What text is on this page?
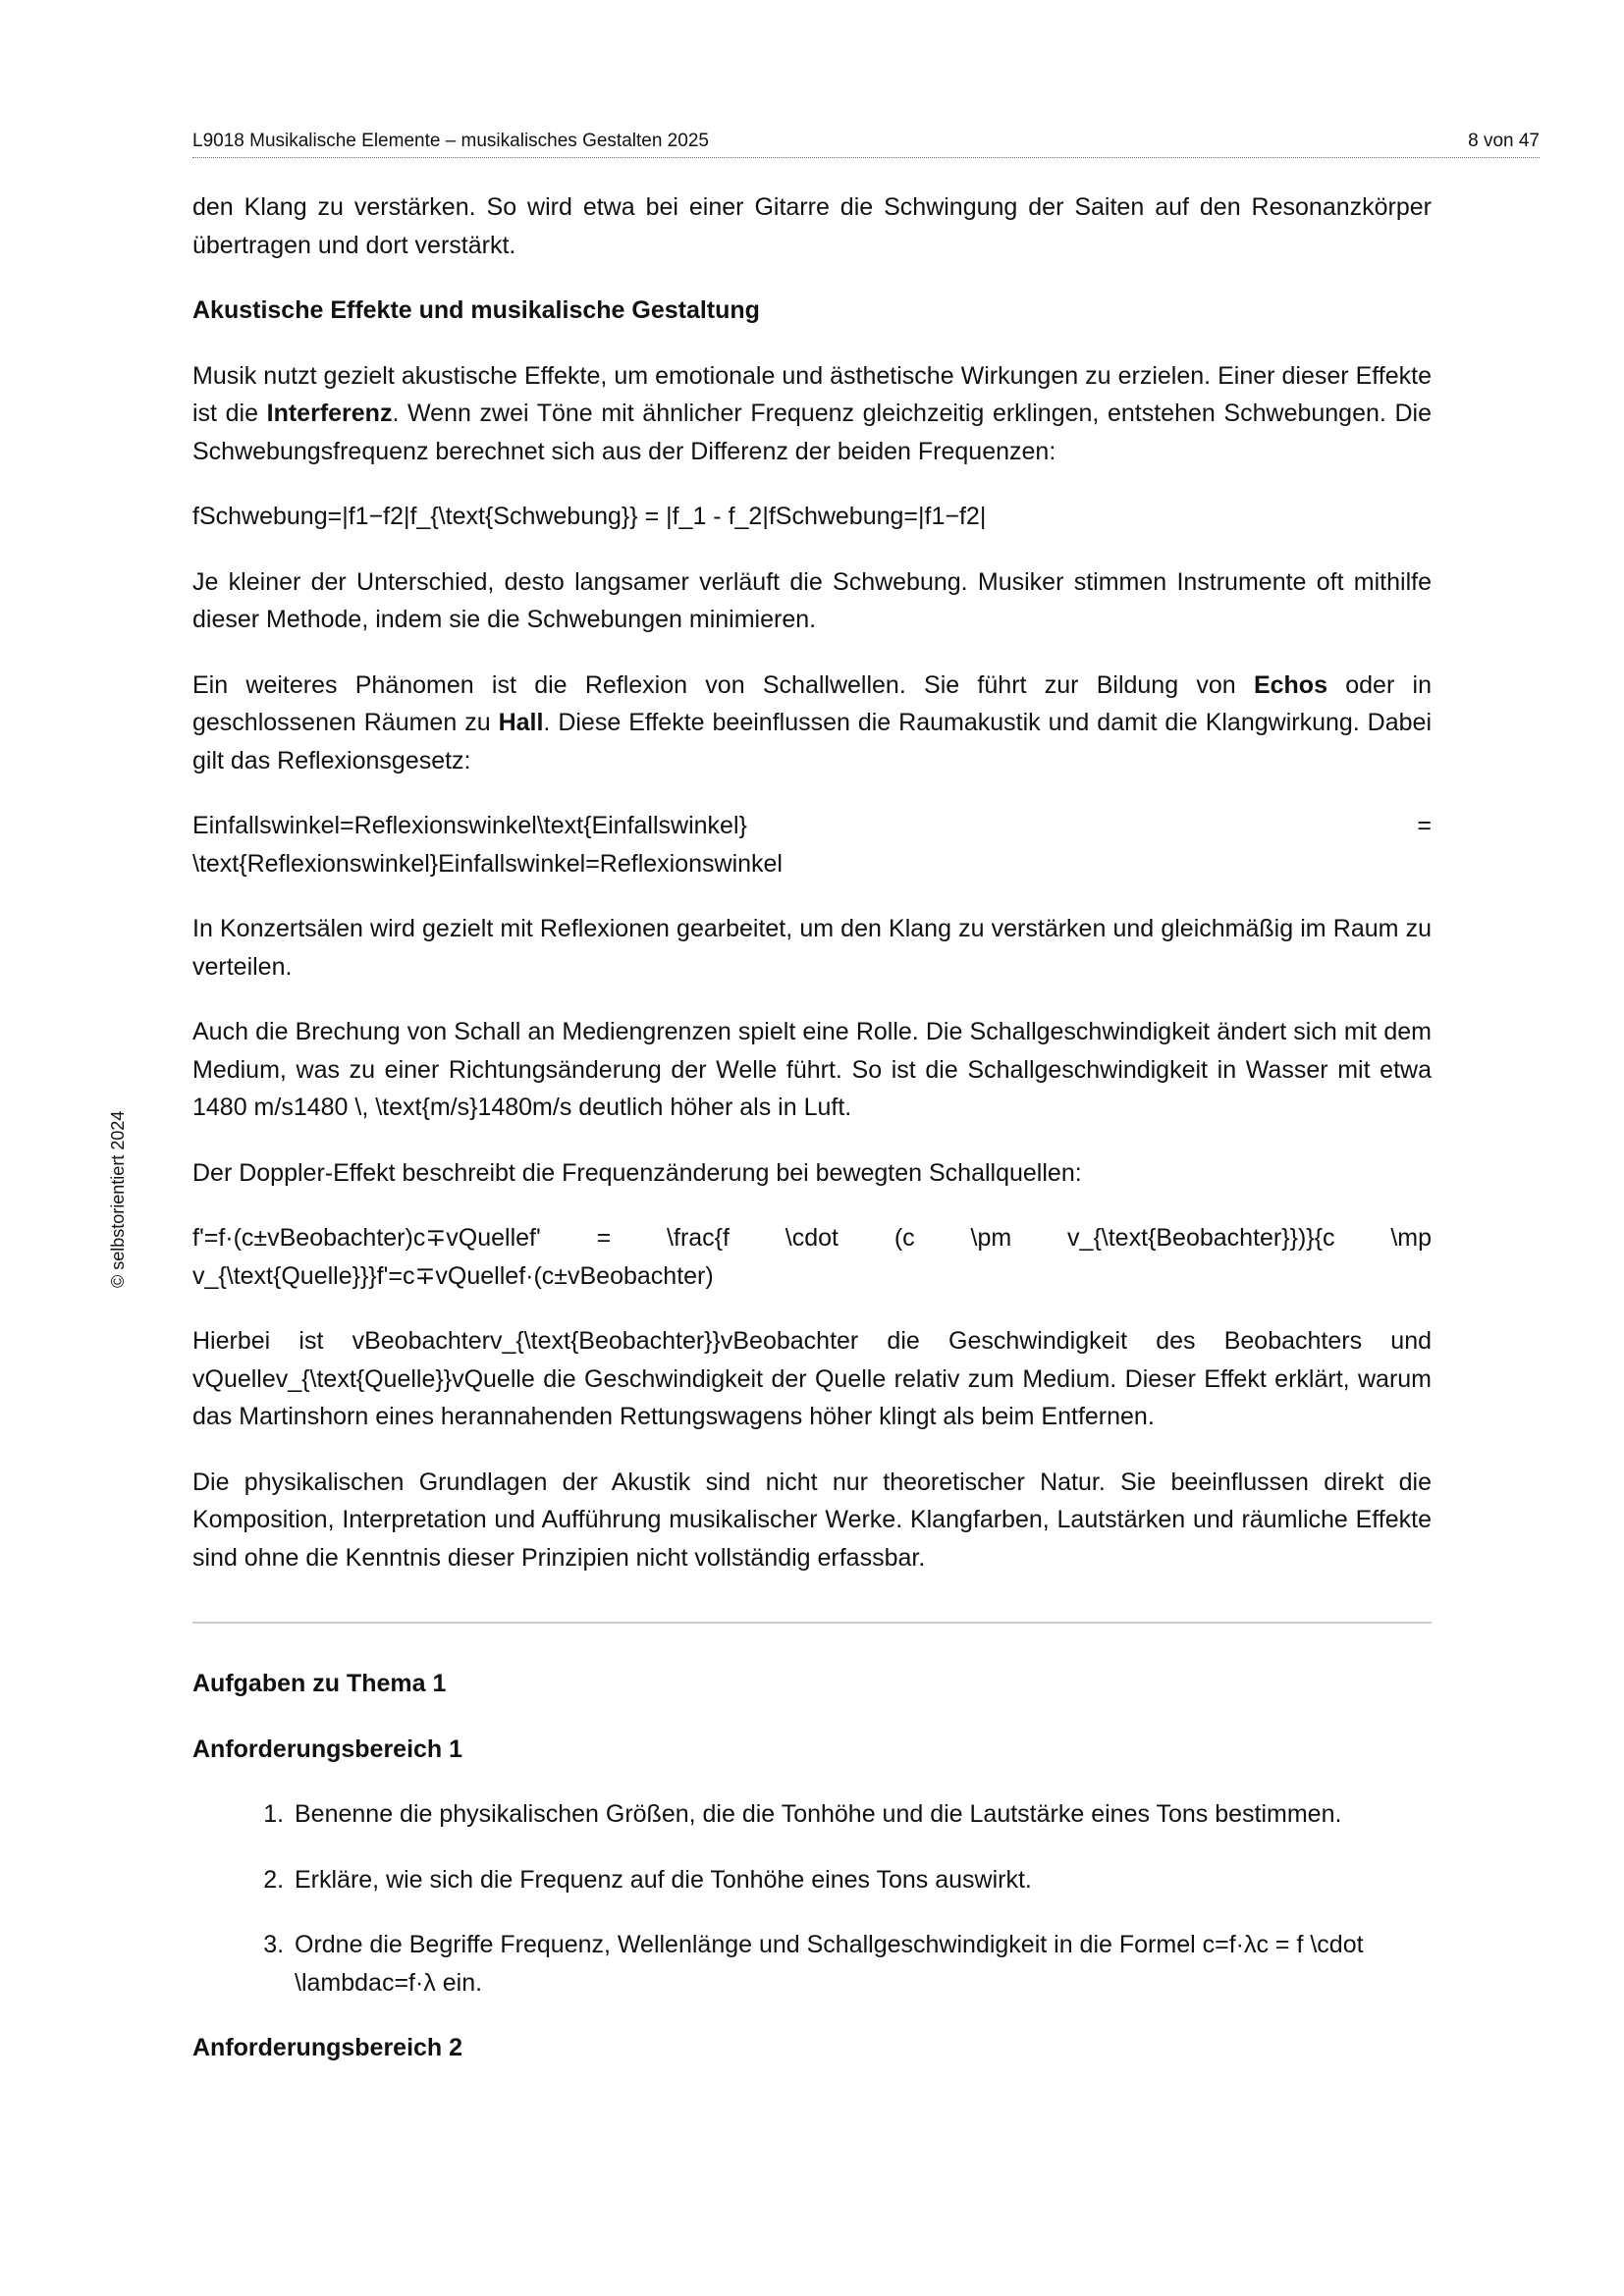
L9018 Musikalische Elemente – musikalisches Gestalten 2025	8 von 47
© selbstorientiert 2024

den Klang zu verstärken. So wird etwa bei einer Gitarre die Schwingung der Saiten auf den Resonanzkörper übertragen und dort verstärkt.

Akustische Effekte und musikalische Gestaltung

Musik nutzt gezielt akustische Effekte, um emotionale und ästhetische Wirkungen zu erzielen. Einer dieser Effekte ist die Interferenz. Wenn zwei Töne mit ähnlicher Frequenz gleichzeitig erklingen, entstehen Schwebungen. Die Schwebungsfrequenz berechnet sich aus der Differenz der beiden Frequenzen:

fSchwebung=|f1−f2|f_{\text{Schwebung}} = |f_1 - f_2|fSchwebung=|f1−f2|

Je kleiner der Unterschied, desto langsamer verläuft die Schwebung. Musiker stimmen Instrumente oft mithilfe dieser Methode, indem sie die Schwebungen minimieren.

Ein weiteres Phänomen ist die Reflexion von Schallwellen. Sie führt zur Bildung von Echos oder in geschlossenen Räumen zu Hall. Diese Effekte beeinflussen die Raumakustik und damit die Klangwirkung. Dabei gilt das Reflexionsgesetz:

Einfallswinkel=Reflexionswinkel\text{Einfallswinkel}	=
\text{Reflexionswinkel}Einfallswinkel=Reflexionswinkel

In Konzertsälen wird gezielt mit Reflexionen gearbeitet, um den Klang zu verstärken und gleichmäßig im Raum zu verteilen.

Auch die Brechung von Schall an Mediengrenzen spielt eine Rolle. Die Schallgeschwindigkeit ändert sich mit dem Medium, was zu einer Richtungsänderung der Welle führt. So ist die Schallgeschwindigkeit in Wasser mit etwa 1480 m/s1480 \, \text{m/s}1480m/s deutlich höher als in Luft.

Der Doppler-Effekt beschreibt die Frequenzänderung bei bewegten Schallquellen:

f'=f·(c±vBeobachter)c∓vQuellef' = \frac{f \cdot (c \pm v_{\text{Beobachter}})}{c \mp v_{\text{Quelle}}}f'=c∓vQuellef·(c±vBeobachter)

Hierbei ist vBeobachterv_{\text{Beobachter}}vBeobachter die Geschwindigkeit des Beobachters und vQuellev_{\text{Quelle}}vQuelle die Geschwindigkeit der Quelle relativ zum Medium. Dieser Effekt erklärt, warum das Martinshorn eines herannahenden Rettungswagens höher klingt als beim Entfernen.

Die physikalischen Grundlagen der Akustik sind nicht nur theoretischer Natur. Sie beeinflussen direkt die Komposition, Interpretation und Aufführung musikalischer Werke. Klangfarben, Lautstärken und räumliche Effekte sind ohne die Kenntnis dieser Prinzipien nicht vollständig erfassbar.

Aufgaben zu Thema 1
Anforderungsbereich 1
1. Benenne die physikalischen Größen, die die Tonhöhe und die Lautstärke eines Tons bestimmen.
2. Erkläre, wie sich die Frequenz auf die Tonhöhe eines Tons auswirkt.
3. Ordne die Begriffe Frequenz, Wellenlänge und Schallgeschwindigkeit in die Formel c=f·λc = f \cdot \lambdac=f·λ ein.
Anforderungsbereich 2
